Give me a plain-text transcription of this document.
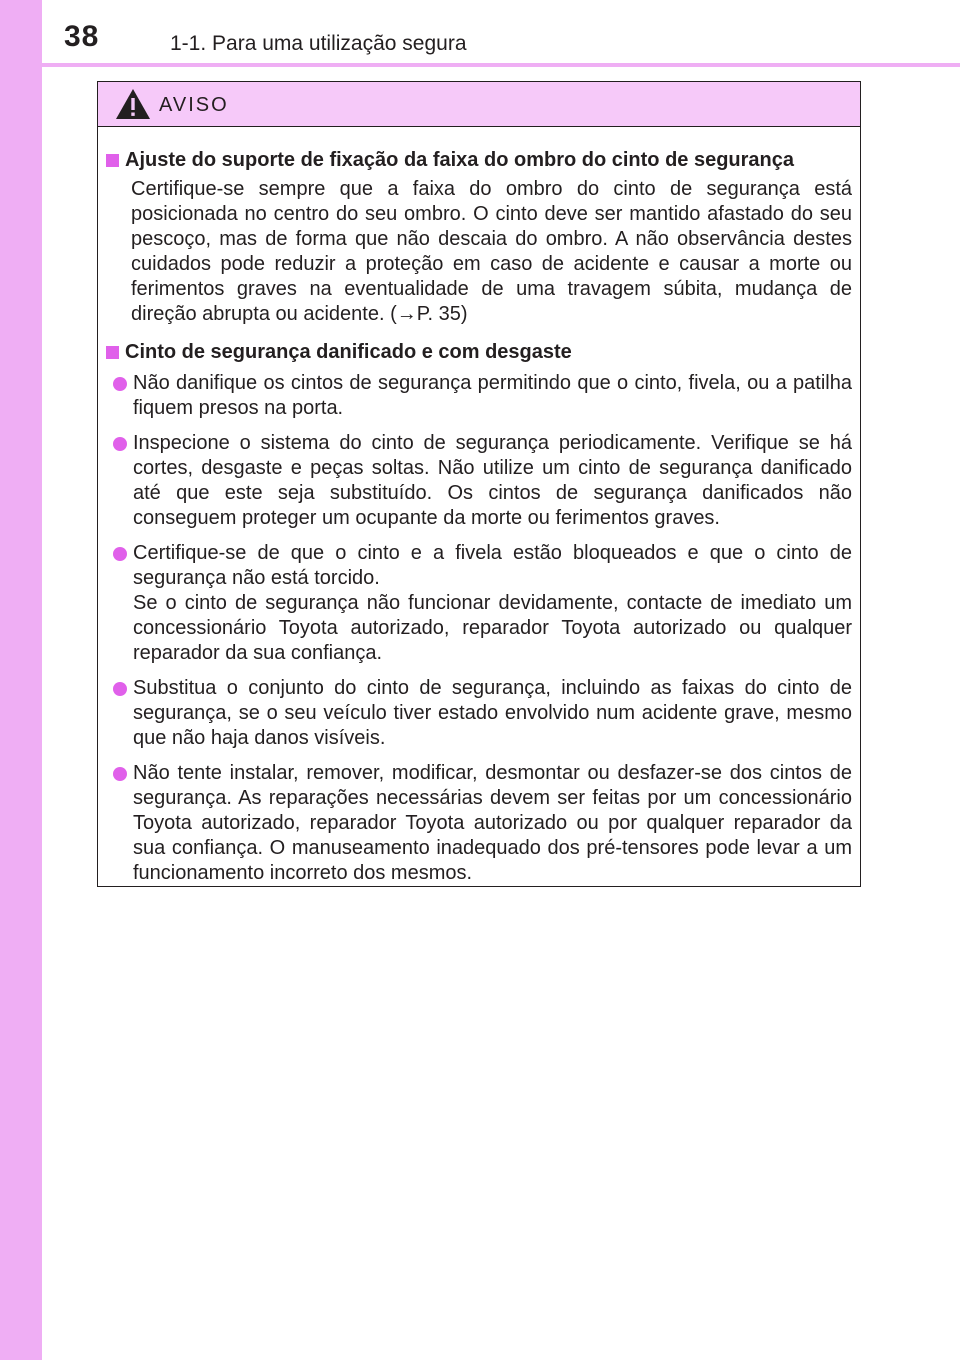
38	1-1. Para uma utilização segura
AVISO
Ajuste do suporte de fixação da faixa do ombro do cinto de segurança
Certifique-se sempre que a faixa do ombro do cinto de segurança está posicionada no centro do seu ombro. O cinto deve ser mantido afastado do seu pescoço, mas de forma que não descaia do ombro. A não observância destes cuidados pode reduzir a proteção em caso de acidente e causar a morte ou ferimentos graves na eventualidade de uma travagem súbita, mudança de direção abrupta ou acidente. (→P. 35)
Cinto de segurança danificado e com desgaste
Não danifique os cintos de segurança permitindo que o cinto, fivela, ou a patilha fiquem presos na porta.
Inspecione o sistema do cinto de segurança periodicamente. Verifique se há cortes, desgaste e peças soltas. Não utilize um cinto de segurança danificado até que este seja substituído. Os cintos de segurança danificados não conseguem proteger um ocupante da morte ou ferimentos graves.
Certifique-se de que o cinto e a fivela estão bloqueados e que o cinto de segurança não está torcido.
Se o cinto de segurança não funcionar devidamente, contacte de imediato um concessionário Toyota autorizado, reparador Toyota autorizado ou qualquer reparador da sua confiança.
Substitua o conjunto do cinto de segurança, incluindo as faixas do cinto de segurança, se o seu veículo tiver estado envolvido num acidente grave, mesmo que não haja danos visíveis.
Não tente instalar, remover, modificar, desmontar ou desfazer-se dos cintos de segurança. As reparações necessárias devem ser feitas por um concessionário Toyota autorizado, reparador Toyota autorizado ou por qualquer reparador da sua confiança. O manuseamento inadequado dos pré-tensores pode levar a um funcionamento incorreto dos mesmos.
